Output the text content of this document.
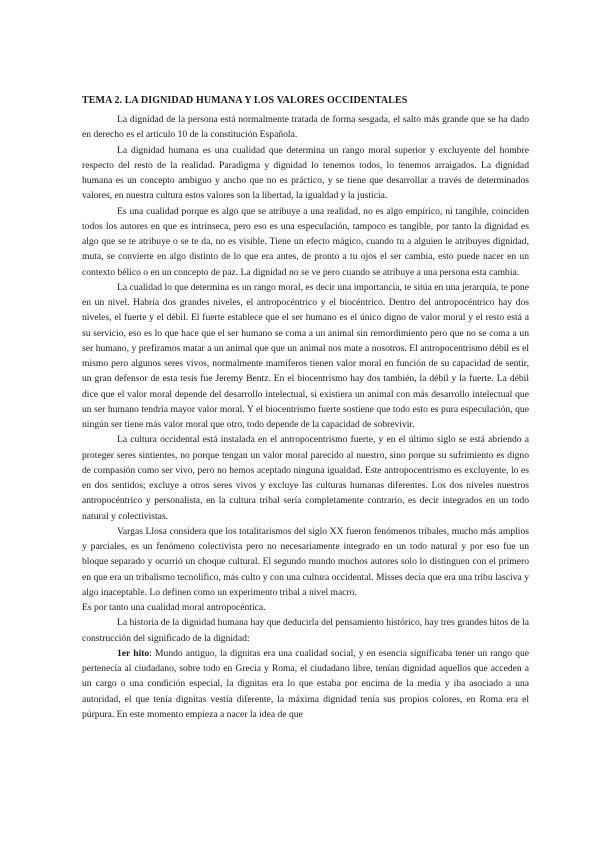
TEMA 2. LA DIGNIDAD HUMANA Y LOS VALORES OCCIDENTALES

La dignidad de la persona está normalmente tratada de forma sesgada, el salto más grande que se ha dado en derecho es el artículo 10 de la constitución Española.

La dignidad humana es una cualidad que determina un rango moral superior y excluyente del hombre respecto del resto de la realidad. Paradigma y dignidad lo tenemos todos, lo tenemos arraigados. La dignidad humana es un concepto ambiguo y ancho que no es práctico, y se tiene que desarrollar a través de determinados valores, en nuestra cultura estos valores son la libertad, la igualdad y la justicia.

Es una cualidad porque es algo que se atribuye a una realidad, no es algo empírico, ni tangible, coinciden todos los autores en que es intrínseca, pero eso es una especulación, tampoco es tangible, por tanto la dignidad es algo que se te atribuye o se te da, no es visible. Tiene un efecto mágico, cuando tu a alguien le atribuyes dignidad, muta, se convierte en algo distinto de lo que era antes, de pronto a tu ojos el ser cambia, esto puede nacer en un contexto bélico o en un concepto de paz. La dignidad no se ve pero cuando se atribuye a una persona esta cambia.

La cualidad lo que determina es un rango moral, es decir una importancia, te sitúa en una jerarquía, te pone en un nivel. Habría dos grandes niveles, el antropocéntrico y el biocéntrico. Dentro del antropocéntrico hay dos niveles, el fuerte y el débil. El fuerte establece que el ser humano es el único digno de valor moral y el resto está a su servicio, eso es lo que hace que el ser humano se coma a un animal sin remordimiento pero que no se coma a un ser humano, y prefiramos matar a un animal que que un animal nos mate a nosotros. El antropocentrismo débil es el mismo pero algunos seres vivos, normalmente mamíferos tienen valor moral en función de su capacidad de sentir, un gran defensor de esta tesis fue Jeremy Bentz. En el biocentrismo hay dos también, la débil y la fuerte. La débil dice que el valor moral depende del desarrollo intelectual, si existiera un animal con más desarrollo intelectual que un ser humano tendría mayor valor moral. Y el biocentrismo fuerte sostiene que todo esto es pura especulación, que ningún ser tiene más valor moral que otro, todo depende de la capacidad de sobrevivir.

La cultura occidental está instalada en el antropocentrismo fuerte, y en el último siglo se está abriendo a proteger seres sintientes, no porque tengan un valor moral parecido al nuestro, sino porque su sufrimiento es digno de compasión como ser vivo, pero no hemos aceptado ninguna igualdad. Este antropocentrismo es excluyente, lo es en dos sentidos; excluye a otros seres vivos y excluye las culturas humanas diferentes. Los dos niveles nuestros antropocéntrico y personalista, en la cultura tribal sería completamente contrario, es decir integrados en un todo natural y colectivistas.

Vargas Llosa considera que los totalitarismos del siglo XX fueron fenómenos tribales, mucho más amplios y parciales, es un fenómeno colectivista pero no necesariamente integrado en un todo natural y por eso fue un bloque separado y ocurrió un choque cultural. El segundo mundo muchos autores solo lo distinguen con el primero en que era un tribalismo tecnolífico, más culto y con una cultura occidental. Misses decía que era una tribu lasciva y algo inaceptable. Lo definen como un experimento tribal a nivel macro.

Es por tanto una cualidad moral antropocéntica.

La historia de la dignidad humana hay que deducirla del pensamiento histórico, hay tres grandes hitos de la construcción del significado de la dignidad:

1er hito: Mundo antiguo, la dignitas era una cualidad social, y en esencia significaba tener un rango que pertenecía al ciudadano, sobre todo en Grecia y Roma, el ciudadano libre, tenían dignidad aquellos que acceden a un cargo o una condición especial, la dignitas era lo que estaba por encima de la media y iba asociado a una autoridad, el que tenía dignitas vestía diferente, la máxima dignidad tenía sus propios colores, en Roma era el púrpura. En este momento empieza a nacer la idea de que
